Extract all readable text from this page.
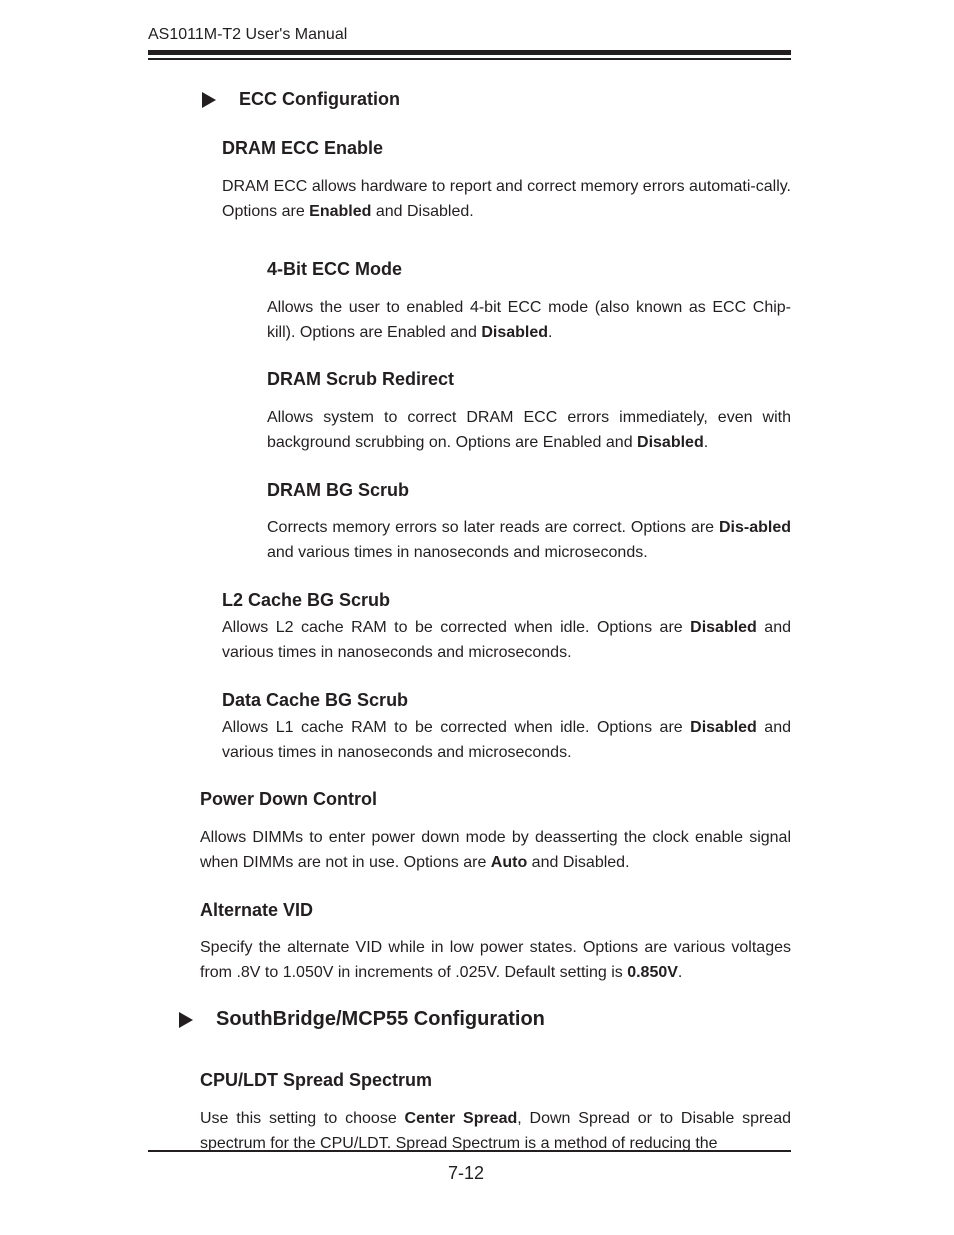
AS1011M-T2 User's Manual
ECC Configuration
DRAM ECC Enable

DRAM ECC allows hardware to report and correct memory errors automati-cally. Options are Enabled and Disabled.

4-Bit ECC Mode

Allows the user to enabled 4-bit ECC mode (also known as ECC Chip-kill). Options are Enabled and Disabled.

DRAM Scrub Redirect

Allows system to correct DRAM ECC errors immediately, even with background scrubbing on. Options are Enabled and Disabled.

DRAM BG Scrub

Corrects memory errors so later reads are correct. Options are Dis-abled and various times in nanoseconds and microseconds.

L2 Cache BG Scrub

Allows L2 cache RAM to be corrected when idle. Options are Disabled and various times in nanoseconds and microseconds.

Data Cache BG Scrub

Allows L1 cache RAM to be corrected when idle. Options are Disabled and various times in nanoseconds and microseconds.

Power Down Control

Allows DIMMs to enter power down mode by deasserting the clock enable signal when DIMMs are not in use. Options are Auto and Disabled.

Alternate VID

Specify the alternate VID while in low power states. Options are various voltages from .8V to 1.050V in increments of .025V. Default setting is 0.850V.

SouthBridge/MCP55 Configuration
CPU/LDT Spread Spectrum

Use this setting to choose Center Spread, Down Spread or to Disable spread spectrum for the CPU/LDT. Spread Spectrum is a method of reducing the

7-12
